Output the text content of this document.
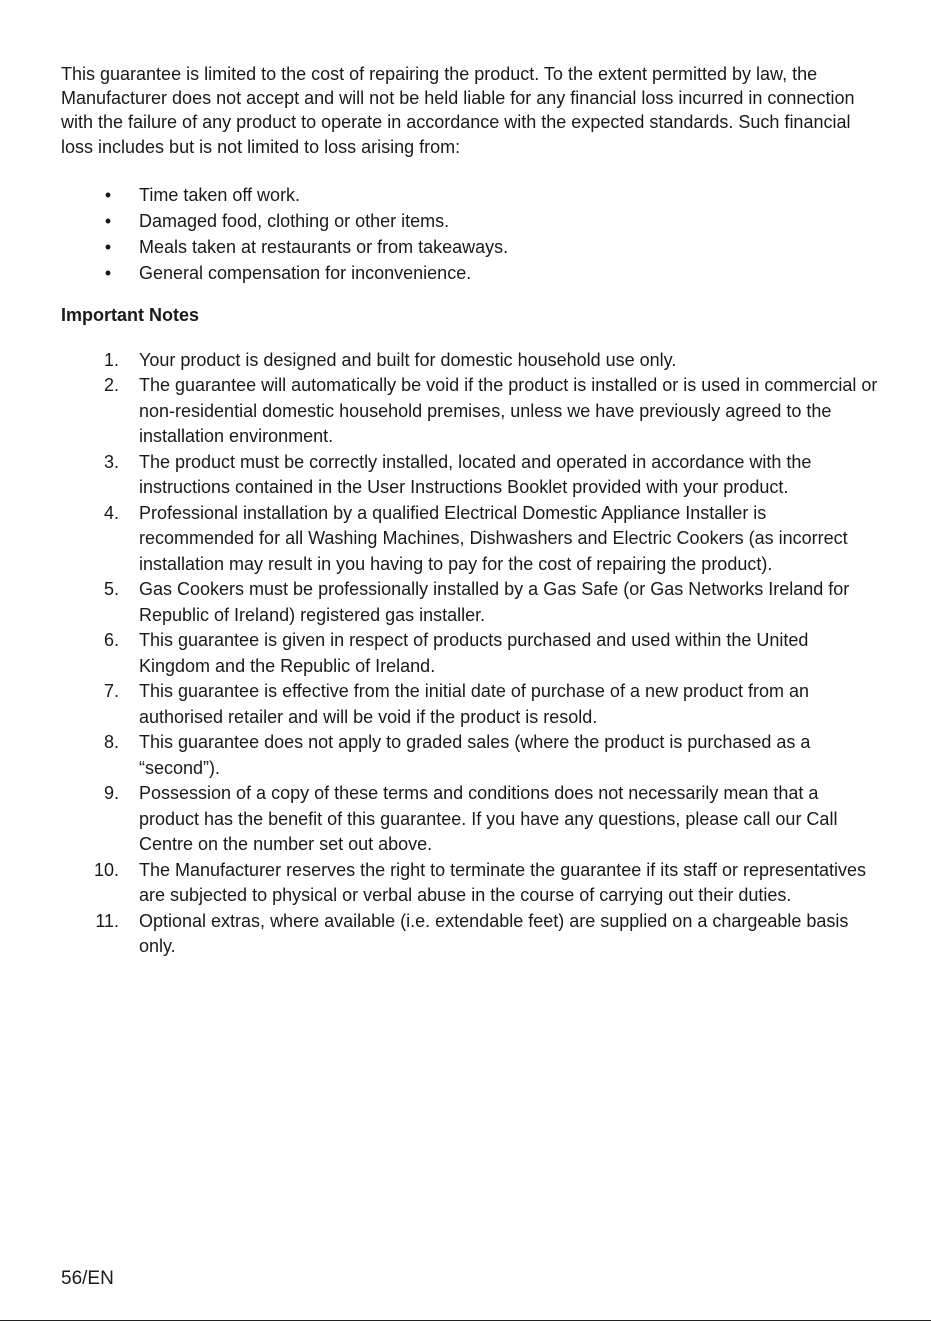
This guarantee is limited to the cost of repairing the product. To the extent permitted by law, the Manufacturer does not accept and will not be held liable for any financial loss incurred in connection with the failure of any product to operate in accordance with the expected standards. Such financial loss includes but is not limited to loss arising from:

•	Time taken off work.
•	Damaged food, clothing or other items.
•	Meals taken at restaurants or from takeaways.
•	General compensation for inconvenience.
Important Notes
1. Your product is designed and built for domestic household use only.
2. The guarantee will automatically be void if the product is installed or is used in commercial or non-residential domestic household premises, unless we have previously agreed to the installation environment.
3. The product must be correctly installed, located and operated in accordance with the instructions contained in the User Instructions Booklet provided with your product.
4. Professional installation by a qualified Electrical Domestic Appliance Installer is recommended for all Washing Machines, Dishwashers and Electric Cookers (as incorrect installation may result in you having to pay for the cost of repairing the product).
5. Gas Cookers must be professionally installed by a Gas Safe (or Gas Networks Ireland for Republic of Ireland) registered gas installer.
6. This guarantee is given in respect of products purchased and used within the United Kingdom and the Republic of Ireland.
7. This guarantee is effective from the initial date of purchase of a new product from an authorised retailer and will be void if the product is resold.
8. This guarantee does not apply to graded sales (where the product is purchased as a “second”).
9. Possession of a copy of these terms and conditions does not necessarily mean that a product has the benefit of this guarantee. If you have any questions, please call our Call Centre on the number set out above.
10. The Manufacturer reserves the right to terminate the guarantee if its staff or representatives are subjected to physical or verbal abuse in the course of carrying out their duties.
11. Optional extras, where available (i.e. extendable feet) are supplied on a chargeable basis only.
56/EN
